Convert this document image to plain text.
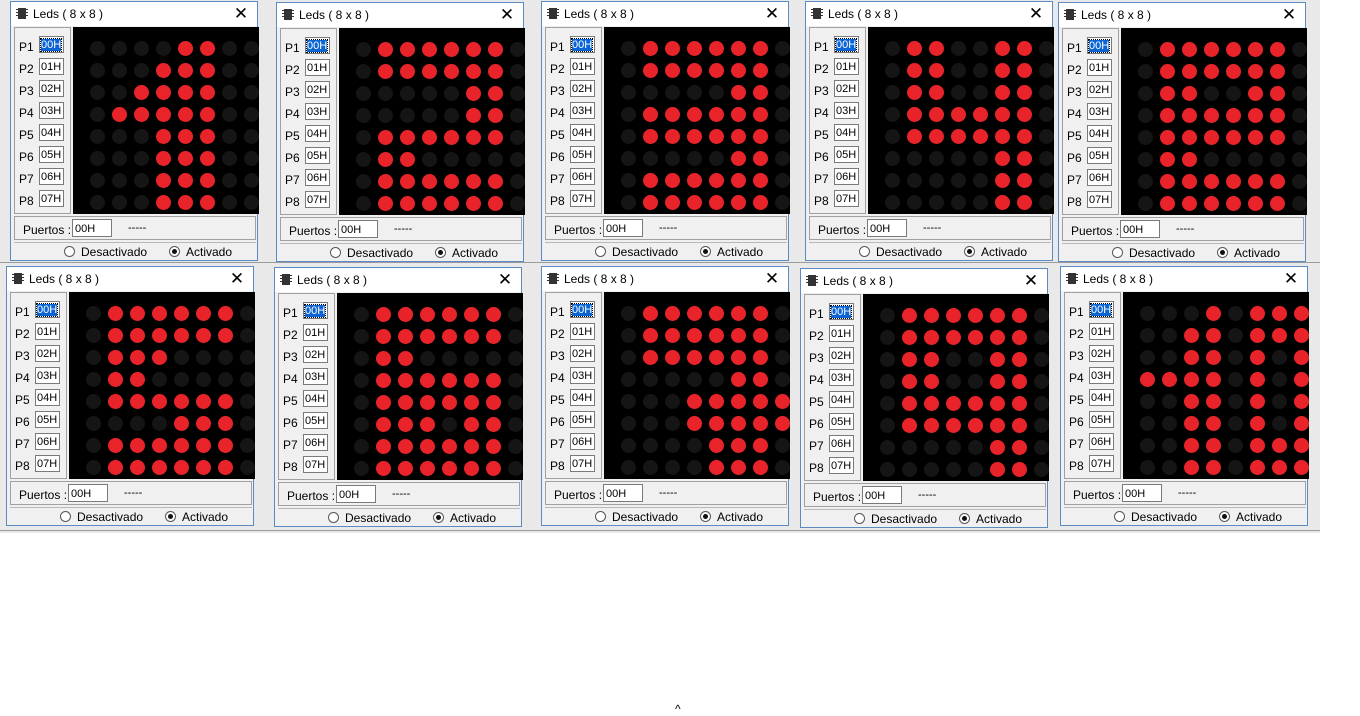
Leds ( 8 x 8 )	✕
P1 00H
P2 01H
P3 02H
P4 03H
P5 04H
P6 05H
P7 06H
P8 07H
Puertos : 00H	-----
Desactivado	Activado
Leds ( 8 x 8 )	✕
P1 00H
P2 01H
P3 02H
P4 03H
P5 04H
P6 05H
P7 06H
P8 07H
Puertos : 00H	-----
Desactivado	Activado
Leds ( 8 x 8 )	✕
P1 00H
P2 01H
P3 02H
P4 03H
P5 04H
P6 05H
P7 06H
P8 07H
Puertos : 00H	-----
Desactivado	Activado
Leds ( 8 x 8 )	✕
P1 00H
P2 01H
P3 02H
P4 03H
P5 04H
P6 05H
P7 06H
P8 07H
Puertos : 00H	-----
Desactivado	Activado
Leds ( 8 x 8 )	✕
P1 00H
P2 01H
P3 02H
P4 03H
P5 04H
P6 05H
P7 06H
P8 07H
Puertos : 00H	-----
Desactivado	Activado
Leds ( 8 x 8 )	✕
P1 00H
P2 01H
P3 02H
P4 03H
P5 04H
P6 05H
P7 06H
P8 07H
Puertos : 00H	-----
Desactivado	Activado
Leds ( 8 x 8 )	✕
P1 00H
P2 01H
P3 02H
P4 03H
P5 04H
P6 05H
P7 06H
P8 07H
Puertos : 00H	-----
Desactivado	Activado
Leds ( 8 x 8 )	✕
P1 00H
P2 01H
P3 02H
P4 03H
P5 04H
P6 05H
P7 06H
P8 07H
Puertos : 00H	-----
Desactivado	Activado
Leds ( 8 x 8 )	✕
P1 00H
P2 01H
P3 02H
P4 03H
P5 04H
P6 05H
P7 06H
P8 07H
Puertos : 00H	-----
Desactivado	Activado
Leds ( 8 x 8 )	✕
P1 00H
P2 01H
P3 02H
P4 03H
P5 04H
P6 05H
P7 06H
P8 07H
Puertos : 00H	-----
Desactivado	Activado
^
